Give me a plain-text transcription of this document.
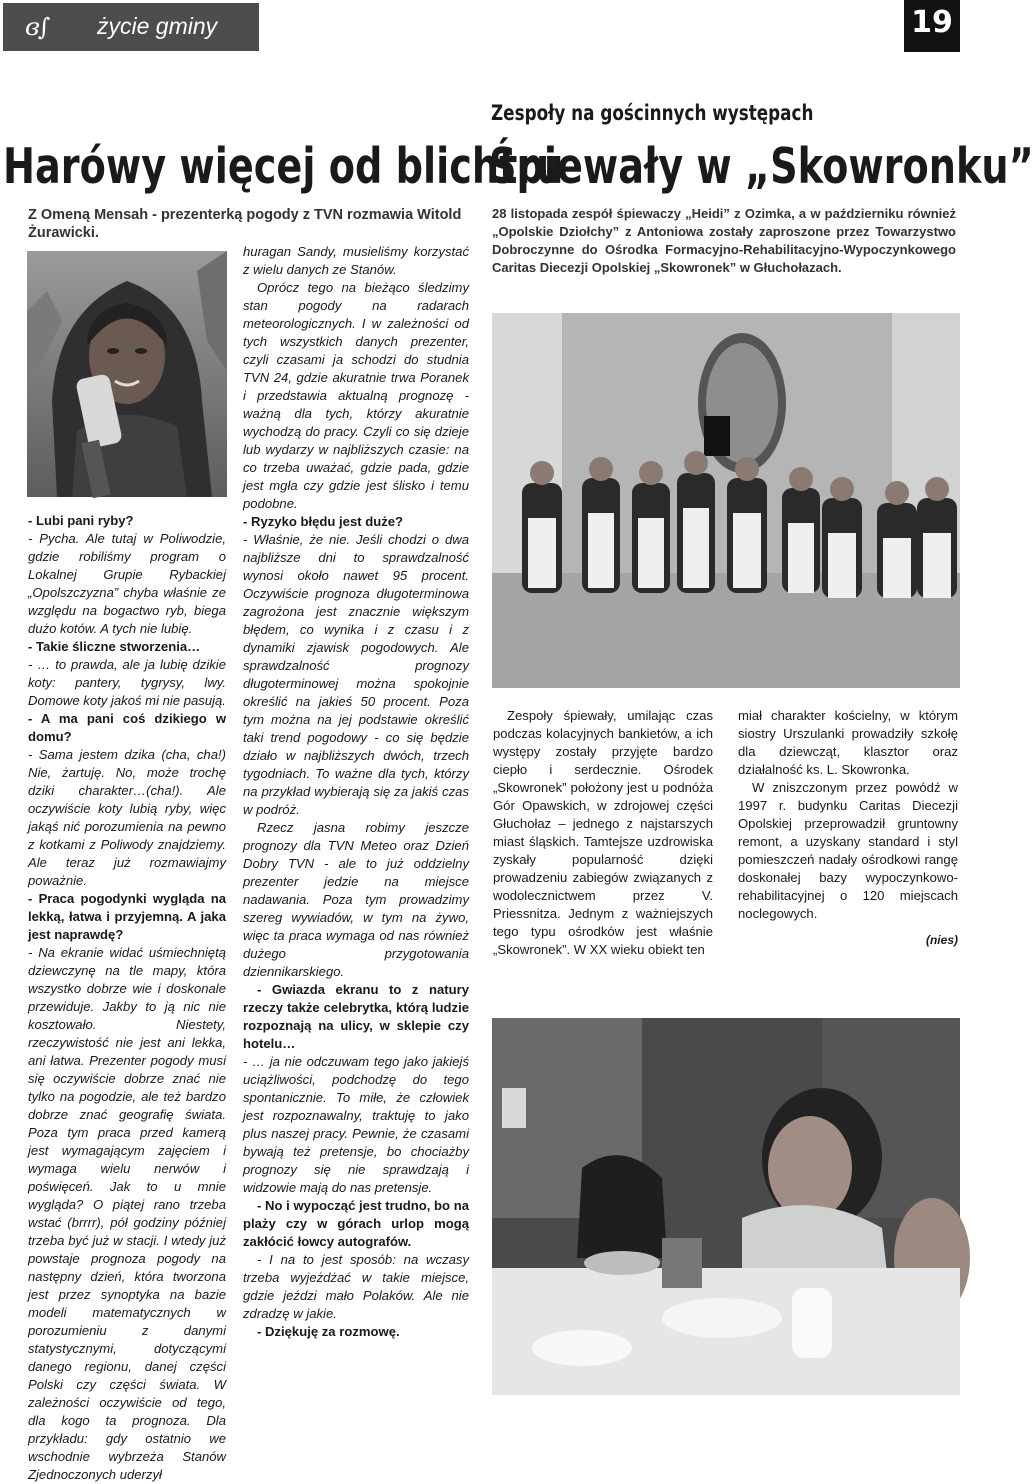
ɞ∫ życie gminy	19
Harówy więcej od blichtru
Zespoły na gościnnych występach
Śpiewały w „Skowronku”
Z Omeną Mensah - prezenterką pogody z TVN rozmawia Witold Żurawicki.
28 listopada zespół śpiewaczy „Heidi” z Ozimka, a w październiku również „Opolskie Dziołchy” z Antoniowa zostały zaproszone przez Towarzystwo Dobroczynne do Ośrodka Formacyjno-Rehabilitacyjno-Wypoczynkowego Caritas Diecezji Opolskiej „Skowronek” w Głuchołazach.

- Lubi pani ryby?

- Pycha. Ale tutaj w Poliwodzie, gdzie robiliśmy program o Lokalnej Grupie Rybackiej „Opolszczyzna” chyba właśnie ze względu na bogactwo ryb, biega dużo kotów. A tych nie lubię.

- Takie śliczne stworzenia…

- … to prawda, ale ja lubię dzikie koty: pantery, tygrysy, lwy. Domowe koty jakoś mi nie pasują.

- A ma pani coś dzikiego w domu?

- Sama jestem dzika (cha, cha!) Nie, żartuję. No, może trochę dziki charakter…(cha!). Ale oczywiście koty lubią ryby, więc jakąś nić porozumienia na pewno z kotkami z Poliwody znajdziemy. Ale teraz już rozmawiajmy poważnie.

- Praca pogodynki wygląda na lekką, łatwa i przyjemną. A jaka jest naprawdę?

- Na ekranie widać uśmiechniętą dziewczynę na tle mapy, która wszystko dobrze wie i doskonale przewiduje. Jakby to ją nic nie kosztowało. Niestety, rzeczywistość nie jest ani lekka, ani łatwa. Prezenter pogody musi się oczywiście dobrze znać nie tylko na pogodzie, ale też bardzo dobrze znać geografię świata. Poza tym praca przed kamerą jest wymagającym zajęciem i wymaga wielu nerwów i poświęceń. Jak to u mnie wygląda? O piątej rano trzeba wstać (brrrr), pół godziny później trzeba być już w stacji. I wtedy już powstaje prognoza pogody na następny dzień, która tworzona jest przez synoptyka na bazie modeli matematycznych w porozumieniu z danymi statystycznymi, dotyczącymi danego regionu, danej części Polski czy części świata. W zależności oczywiście od tego, dla kogo ta prognoza. Dla przykładu: gdy ostatnio we wschodnie wybrzeża Stanów Zjednoczonych uderzył

huragan Sandy, musieliśmy korzystać z wielu danych ze Stanów.

Oprócz tego na bieżąco śledzimy stan pogody na radarach meteorologicznych. I w zależności od tych wszystkich danych prezenter, czyli czasami ja schodzi do studnia TVN 24, gdzie akuratnie trwa Poranek i przedstawia aktualną prognozę - ważną dla tych, którzy akuratnie wychodzą do pracy. Czyli co się dzieje lub wydarzy w najbliższych czasie: na co trzeba uważać, gdzie pada, gdzie jest mgła czy gdzie jest ślisko i temu podobne.

- Ryzyko błędu jest duże?

- Właśnie, że nie. Jeśli chodzi o dwa najbliższe dni to sprawdzalność wynosi około nawet 95 procent. Oczywiście prognoza długoterminowa zagrożona jest znacznie większym błędem, co wynika i z czasu i z dynamiki zjawisk pogodowych. Ale sprawdzalność prognozy długoterminowej można spokojnie określić na jakieś 50 procent. Poza tym można na jej podstawie określić taki trend pogodowy - co się będzie działo w najbliższych dwóch, trzech tygodniach. To ważne dla tych, którzy na przykład wybierają się za jakiś czas w podróż.

Rzecz jasna robimy jeszcze prognozy dla TVN Meteo oraz Dzień Dobry TVN - ale to już oddzielny prezenter jedzie na miejsce nadawania. Poza tym prowadzimy szereg wywiadów, w tym na żywo, więc ta praca wymaga od nas również dużego przygotowania dziennikarskiego.

- Gwiazda ekranu to z natury rzeczy także celebrytka, którą ludzie rozpoznają na ulicy, w sklepie czy hotelu…

- … ja nie odczuwam tego jako jakiejś uciążliwości, podchodzę do tego spontanicznie. To miłe, że człowiek jest rozpoznawalny, traktuję to jako plus naszej pracy. Pewnie, że czasami bywają też pretensje, bo chociażby prognozy się nie sprawdzają i widzowie mają do nas pretensje.

- No i wypocząć jest trudno, bo na plaży czy w górach urlop mogą zakłócić łowcy autografów.

- I na to jest sposób: na wczasy trzeba wyjeżdżać w takie miejsce, gdzie jeździ mało Polaków. Ale nie zdradzę w jakie.

- Dziękuję za rozmowę.

Zespoły śpiewały, umilając czas podczas kolacyjnych bankietów, a ich występy zostały przyjęte bardzo ciepło i serdecznie. Ośrodek „Skowronek” położony jest u podnóża Gór Opawskich, w zdrojowej części Głuchołaz – jednego z najstarszych miast śląskich. Tamtejsze uzdrowiska zyskały popularność dzięki prowadzeniu zabiegów związanych z wodolecznictwem przez V. Priessnitza. Jednym z ważniejszych tego typu ośrodków jest właśnie „Skowronek”. W XX wieku obiekt ten

miał charakter kościelny, w którym siostry Urszulanki prowadziły szkołę dla dziewcząt, klasztor oraz działalność ks. L. Skowronka.

W zniszczonym przez powódź w 1997 r. budynku Caritas Diecezji Opolskiej przeprowadził gruntowny remont, a uzyskany standard i styl pomieszczeń nadały ośrodkowi rangę doskonałej bazy wypoczynkowo-rehabilitacyjnej o 120 miejscach noclegowych.

(nies)
